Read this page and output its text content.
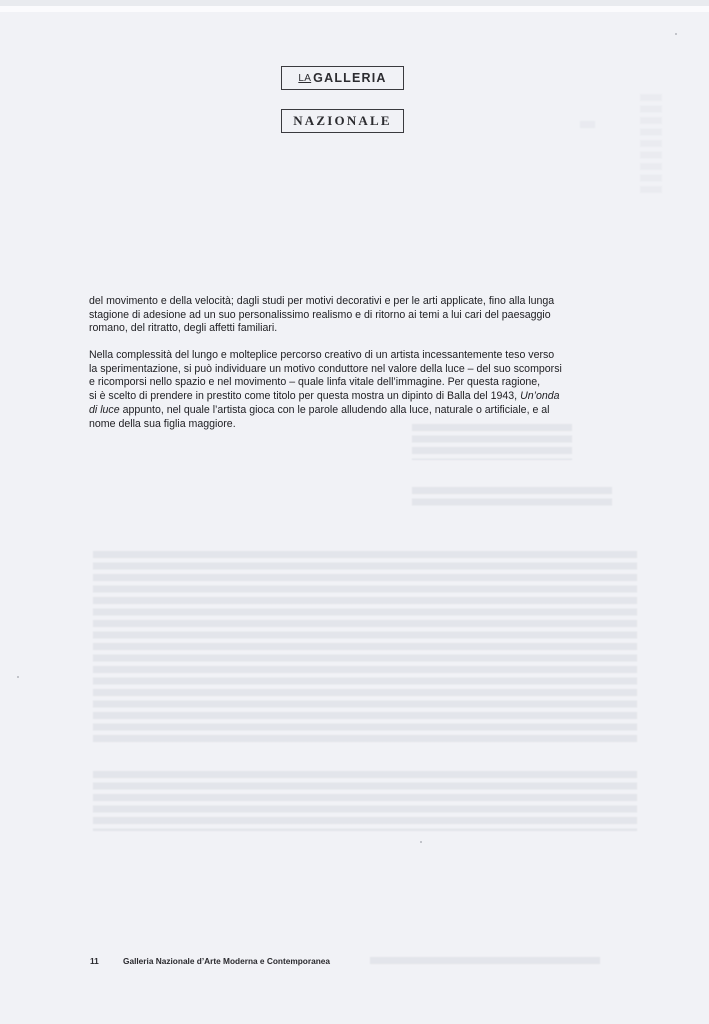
LA GALLERIA
NAZIONALE

del movimento e della velocità; dagli studi per motivi decorativi e per le arti applicate, fino alla lunga
stagione di adesione ad un suo personalissimo realismo e di ritorno ai temi a lui cari del paesaggio
romano, del ritratto, degli affetti familiari.

Nella complessità del lungo e molteplice percorso creativo di un artista incessantemente teso verso
la sperimentazione, si può individuare un motivo conduttore nel valore della luce – del suo scomporsi
e ricomporsi nello spazio e nel movimento – quale linfa vitale dell’immagine. Per questa ragione,
si è scelto di prendere in prestito come titolo per questa mostra un dipinto di Balla del 1943, Un’onda
di luce appunto, nel quale l’artista gioca con le parole alludendo alla luce, naturale o artificiale, e al
nome della sua figlia maggiore.

11	Galleria Nazionale d’Arte Moderna e Contemporanea
